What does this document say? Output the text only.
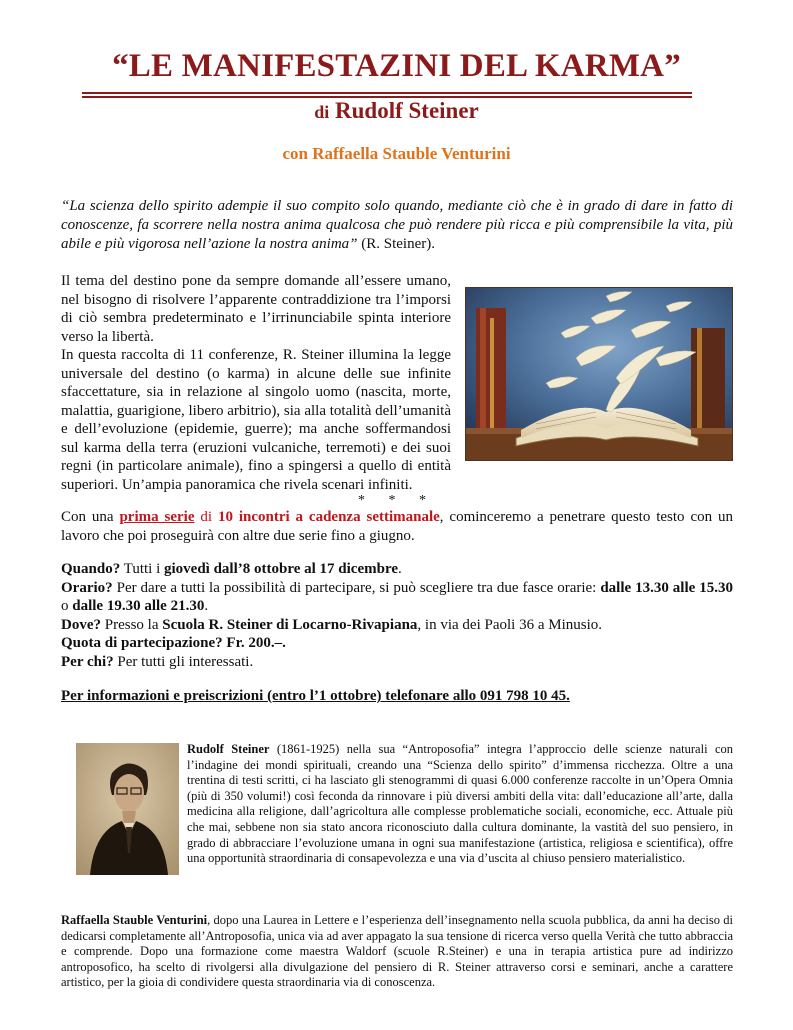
“LE MANIFESTAZINI DEL KARMA”
di Rudolf Steiner
con Raffaella Stauble Venturini
“La scienza dello spirito adempie il suo compito solo quando, mediante ciò che è in grado di dare in fatto di conoscenze, fa scorrere nella nostra anima qualcosa che può rendere più ricca e più comprensibile la vita, più abile e più vigorosa nell’azione la nostra anima” (R. Steiner).

Il tema del destino pone da sempre domande all’essere umano, nel bisogno di risolvere l’apparente contraddizione tra l’imporsi di ciò sembra predeterminato e l’irrinunciabile spinta interiore verso la libertà.

In questa raccolta di 11 conferenze, R. Steiner illumina la legge universale del destino (o karma) in alcune delle sue infinite sfaccettature, sia in relazione al singolo uomo (nascita, morte, malattia, guarigione, libero arbitrio), sia alla totalità dell’umanità e dell’evoluzione (epidemie, guerre); ma anche soffermandosi sul karma della terra (eruzioni vulcaniche, terremoti) e dei suoi regni (in particolare animale), fino a spingersi a quello di entità superiori. Un’ampia panoramica che rivela scenari infiniti.

* * *

Con una prima serie di 10 incontri a cadenza settimanale, cominceremo a penetrare questo testo con un lavoro che poi proseguirà con altre due serie fino a giugno.

Quando? Tutti i giovedì dall’8 ottobre al 17 dicembre.

Orario? Per dare a tutti la possibilità di partecipare, si può scegliere tra due fasce orarie: dalle 13.30 alle 15.30 o dalle 19.30 alle 21.30.

Dove? Presso la Scuola R. Steiner di Locarno-Rivapiana, in via dei Paoli 36 a Minusio.

Quota di partecipazione? Fr. 200.–.

Per chi? Per tutti gli interessati.

Per informazioni e preiscrizioni (entro l’1 ottobre) telefonare allo 091 798 10 45.
Rudolf Steiner (1861-1925) nella sua “Antroposofia” integra l’approccio delle scienze naturali con l’indagine dei mondi spirituali, creando una “Scienza dello spirito” d’immensa ricchezza. Oltre a una trentina di testi scritti, ci ha lasciato gli stenogrammi di quasi 6.000 conferenze raccolte in un’Opera Omnia (più di 350 volumi!) così feconda da rinnovare i più diversi ambiti della vita: dall’educazione all’arte, dalla medicina alla religione, dall’agricoltura alle complesse problematiche sociali, economiche, ecc. Attuale più che mai, sebbene non sia stato ancora riconosciuto dalla cultura dominante, la vastità del suo pensiero, in grado di abbracciare l’evoluzione umana in ogni sua manifestazione (artistica, religiosa e scientifica), offre una opportunità straordinaria di consapevolezza e una via d’uscita al chiuso pensiero materialistico.
Raffaella Stauble Venturini, dopo una Laurea in Lettere e l’esperienza dell’insegnamento nella scuola pubblica, da anni ha deciso di dedicarsi completamente all’Antroposofia, unica via ad aver appagato la sua tensione di ricerca verso quella Verità che tutto abbraccia e comprende. Dopo una formazione come maestra Waldorf (scuole R.Steiner) e una in terapia artistica pure ad indirizzo antroposofico, ha scelto di rivolgersi alla divulgazione del pensiero di R. Steiner attraverso corsi e seminari, anche a carattere artistico, per la gioia di condividere questa straordinaria via di conoscenza.
